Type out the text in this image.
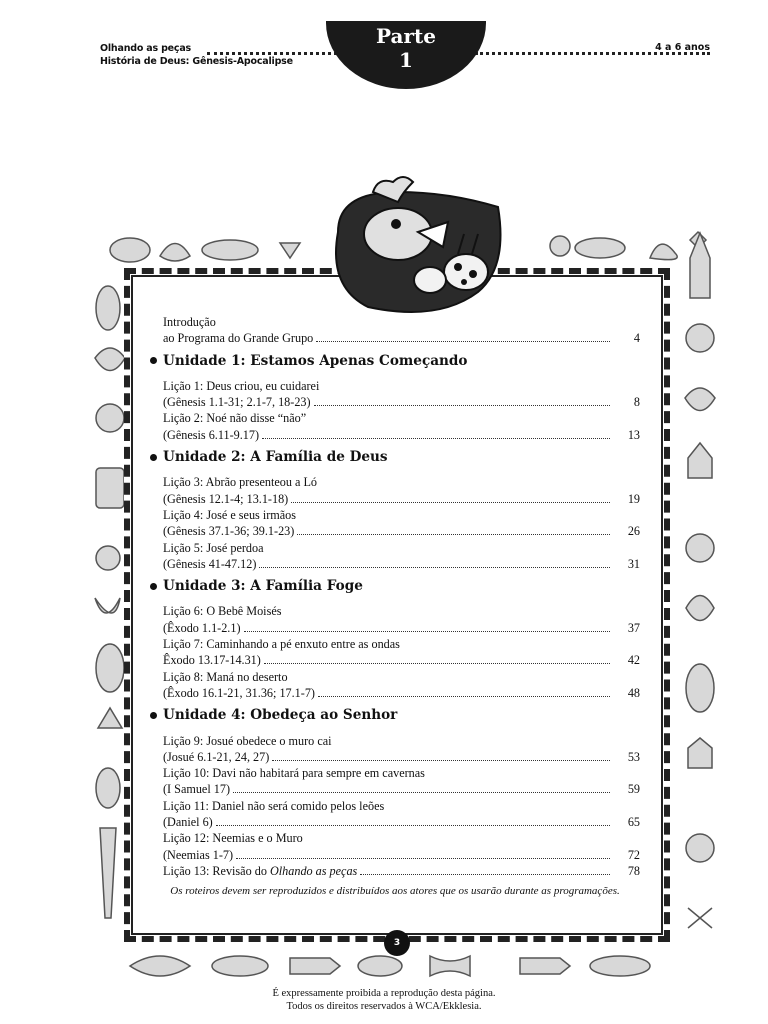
Olhando as peças
História de Deus: Gênesis-Apocalipse
4 a 6 anos
Parte
1
Introdução
ao Programa do Grande Grupo	4
Unidade 1: Estamos Apenas Começando
Lição 1: Deus criou, eu cuidarei
(Gênesis 1.1-31; 2.1-7, 18-23)	8
Lição 2: Noé não disse “não”
(Gênesis 6.11-9.17)	13
Unidade 2: A Família de Deus
Lição 3: Abrão presenteou a Ló
(Gênesis 12.1-4; 13.1-18)	19
Lição 4: José e seus irmãos
(Gênesis 37.1-36; 39.1-23)	26
Lição 5: José perdoa
(Gênesis 41-47.12)	31
Unidade 3: A Família Foge
Lição 6: O Bebê Moisés
(Êxodo 1.1-2.1)	37
Lição 7: Caminhando a pé enxuto entre as ondas
Êxodo 13.17-14.31)	42
Lição 8: Maná no deserto
(Êxodo 16.1-21, 31.36; 17.1-7)	48
Unidade 4: Obedeça ao Senhor
Lição 9: Josué obedece o muro cai
(Josué 6.1-21, 24, 27)	53
Lição 10: Davi não habitará para sempre em cavernas
(I Samuel 17)	59
Lição 11: Daniel não será comido pelos leões
(Daniel 6)	65
Lição 12: Neemias e o Muro
(Neemias 1-7)	72
Lição 13: Revisão do Olhando as peças	78
Os roteiros devem ser reproduzidos e distribuídos aos atores que os usarão durante as programações.
3
É expressamente proibida a reprodução desta página.
Todos os direitos reservados à WCA/Ekklesia.
